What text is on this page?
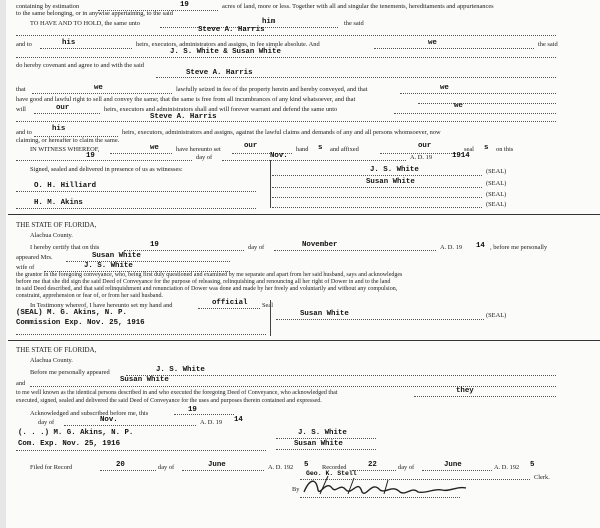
containing by estimation	19	acres of land, more or less. Together with all and singular the tenements, hereditaments and appurtenances
to the same belonging, or in anywise appertaining, to the said
TO HAVE AND TO HOLD, the same unto	him	the said
Steve A. Harris
and to	his	heirs, executors, administrators and assigns, in fee simple absolute. And	we	the said
J. S. White & Susan White
do hereby covenant and agree to and with the said
Steve A. Harris
that	we	lawfully seized in fee of the property herein and hereby conveyed, and that	we
have good and lawful right to sell and convey the same; that the same is free from all incumbrances of any kind whatsoever, and that
we
will	our	heirs, executors and administrators shall and will forever warrant and defend the same unto
Steve A. Harris
and to	his	heirs, executors, administrators and assigns, against the lawful claims and demands of any and all persons whomsoever, now
claiming, or hereafter to claim the same.
IN WITNESS WHEREOF,	we	have hereunto set	our	hand s and affixed	our	seal s on this
19	day of	Nov.	A. D. 19	1914
Signed, sealed and delivered in presence of us as witnesses:	J. S. White	(SEAL)
Susan White	(SEAL)
(SEAL)
(SEAL)
O. H. Hilliard
H. M. Akins
THE STATE OF FLORIDA,
Alachua County.
I hereby certify that on this	19	day of	November	A. D. 19 14 , before me personally
appeared Mrs.	Susan White
wife of	J. S. White
the grantor in the foregoing conveyance, who, being first duly questioned and examined by me separate and apart from her said husband, says and acknowledges
before me that she did sign the said Deed of Conveyance for the purpose of releasing, relinquishing and renouncing all her right of Dower in and to the land
in said Deed described, and that said relinquishment and renunciation of Dower was done and made by her freely and voluntarily and without any compulsion,
constraint, apprehension or fear of, or from her said husband.
In Testimony whereof, I have hereunto set my hand and	official Seal
(SEAL) M. G. Akins, N. P.
Commission Exp. Nov. 25, 1916
Susan White	(SEAL)
THE STATE OF FLORIDA,
Alachua County.
Before me personally appeared	J. S. White
and	Susan White
to me well known as the identical persons described in and who executed the foregoing Deed of Conveyance, who acknowledged that	they
executed, signed, sealed and delivered the said Deed of Conveyance for the uses and purposes therein contained and expressed.
Acknowledged and subscribed before me, this	19
Nov.
day of	A. D. 19 14
(. . .) M. G. Akins, N. P.
Com. Exp. Nov. 25, 1916
J. S. White
Susan White
Filed for Record	20	day of	June	A. D. 192 5 Recorded	22	day of	June	A. D. 192 5
Geo. K. Stell
Clerk.
By
